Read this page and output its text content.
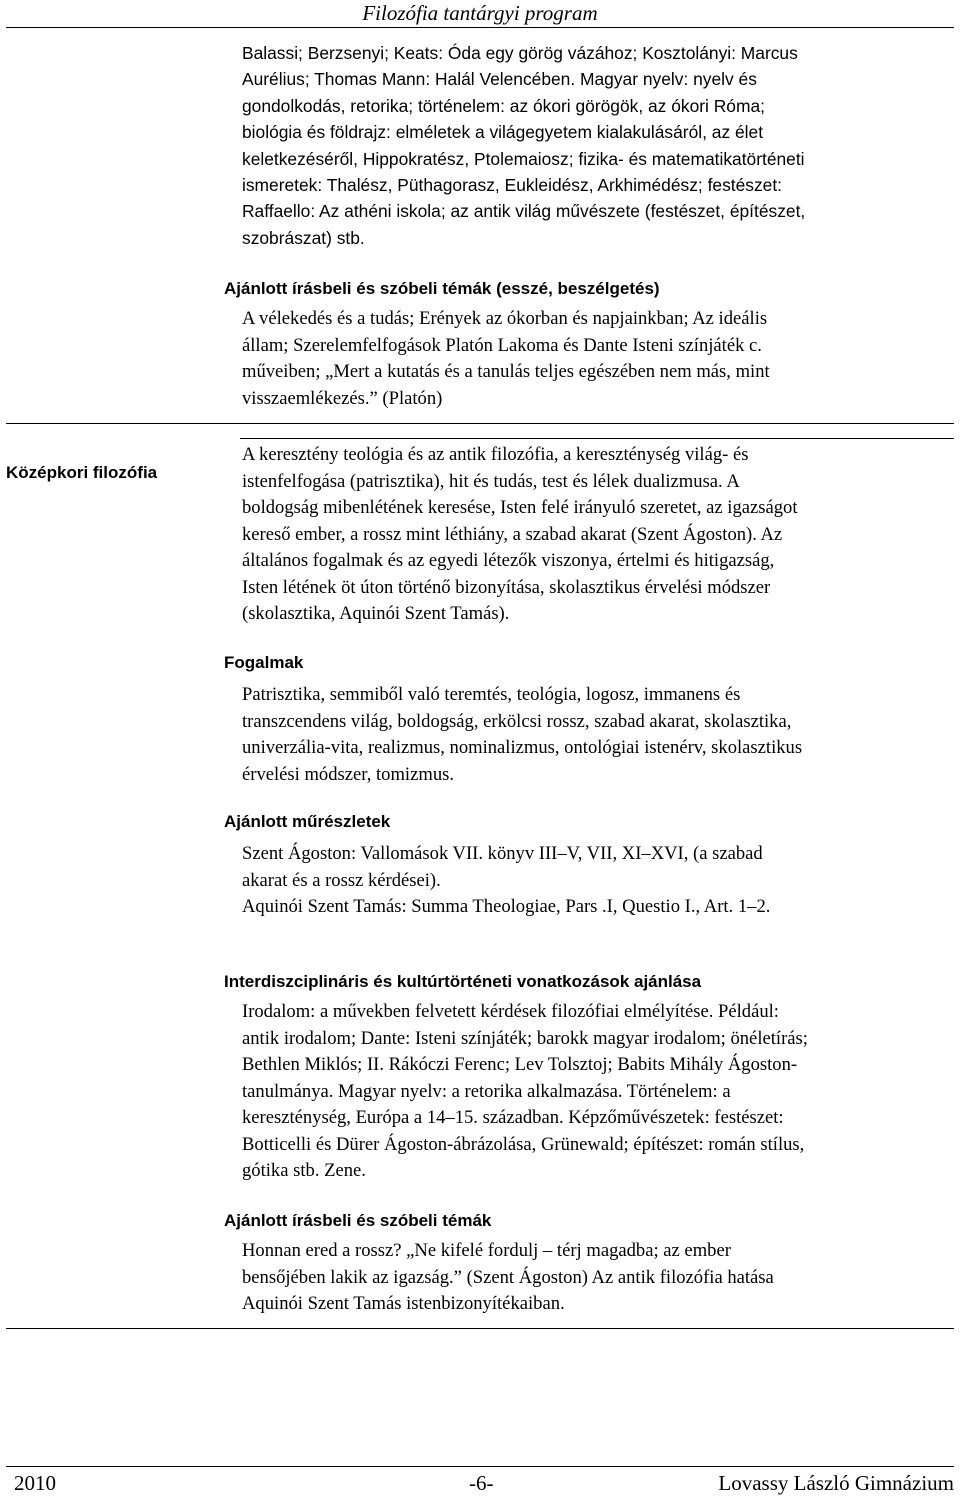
Filozófia tantárgyi program
Balassi; Berzsenyi; Keats: Óda egy görög vázához; Kosztolányi: Marcus
Aurélius; Thomas Mann: Halál Velencében. Magyar nyelv: nyelv és
gondolkodás, retorika; történelem: az ókori görögök, az ókori Róma;
biológia és földrajz: elméletek a világegyetem kialakulásáról, az élet
keletkezéséről, Hippokratész, Ptolemaiosz; fizika- és matematikatörténeti
ismeretek: Thalész, Püthagorasz, Eukleidész, Arkhimédész; festészet:
Raffaello: Az athéni iskola; az antik világ művészete (festészet, építészet,
szobrászat) stb.
Ajánlott írásbeli és szóbeli témák (esszé, beszélgetés)
A vélekedés és a tudás; Erények az ókorban és napjainkban; Az ideális
állam; Szerelemfelfogások Platón Lakoma és Dante Isteni színjáték c.
műveiben; „Mert a kutatás és a tanulás teljes egészében nem más, mint
visszaemlékezés.” (Platón)
Középkori filozófia
A keresztény teológia és az antik filozófia, a kereszténység világ- és
istenfelfogása (patrisztika), hit és tudás, test és lélek dualizmusa. A
boldogság mibenlétének keresése, Isten felé irányuló szeretet, az igazságot
kereső ember, a rossz mint léthiány, a szabad akarat (Szent Ágoston). Az
általános fogalmak és az egyedi létezők viszonya, értelmi és hitigazság,
Isten létének öt úton történő bizonyítása, skolasztikus érvelési módszer
(skolasztika, Aquinói Szent Tamás).
Fogalmak
Patrisztika, semmiből való teremtés, teológia, logosz, immanens és
transzcendens világ, boldogság, erkölcsi rossz, szabad akarat, skolasztika,
univerzália-vita, realizmus, nominalizmus, ontológiai istenérv, skolasztikus
érvelési módszer, tomizmus.
Ajánlott műrészletek
Szent Ágoston: Vallomások VII. könyv III–V, VII, XI–XVI, (a szabad
akarat és a rossz kérdései).
Aquinói Szent Tamás: Summa Theologiae, Pars .I, Questio I., Art. 1–2.
Interdiszciplináris és kultúrtörténeti vonatkozások ajánlása
Irodalom: a művekben felvetett kérdések filozófiai elmélyítése. Például:
antik irodalom; Dante: Isteni színjáték; barokk magyar irodalom; önéletírás;
Bethlen Miklós; II. Rákóczi Ferenc; Lev Tolsztoj; Babits Mihály Ágoston-
tanulmánya. Magyar nyelv: a retorika alkalmazása. Történelem: a
kereszténység, Európa a 14–15. században. Képzőművészetek: festészet:
Botticelli és Dürer Ágoston-ábrázolása, Grünewald; építészet: román stílus,
gótika stb. Zene.
Ajánlott írásbeli és szóbeli témák
Honnan ered a rossz? „Ne kifelé fordulj – térj magadba; az ember
bensőjében lakik az igazság.” (Szent Ágoston) Az antik filozófia hatása
Aquinói Szent Tamás istenbizonyítékaiban.
2010	-6-	Lovassy László Gimnázium
